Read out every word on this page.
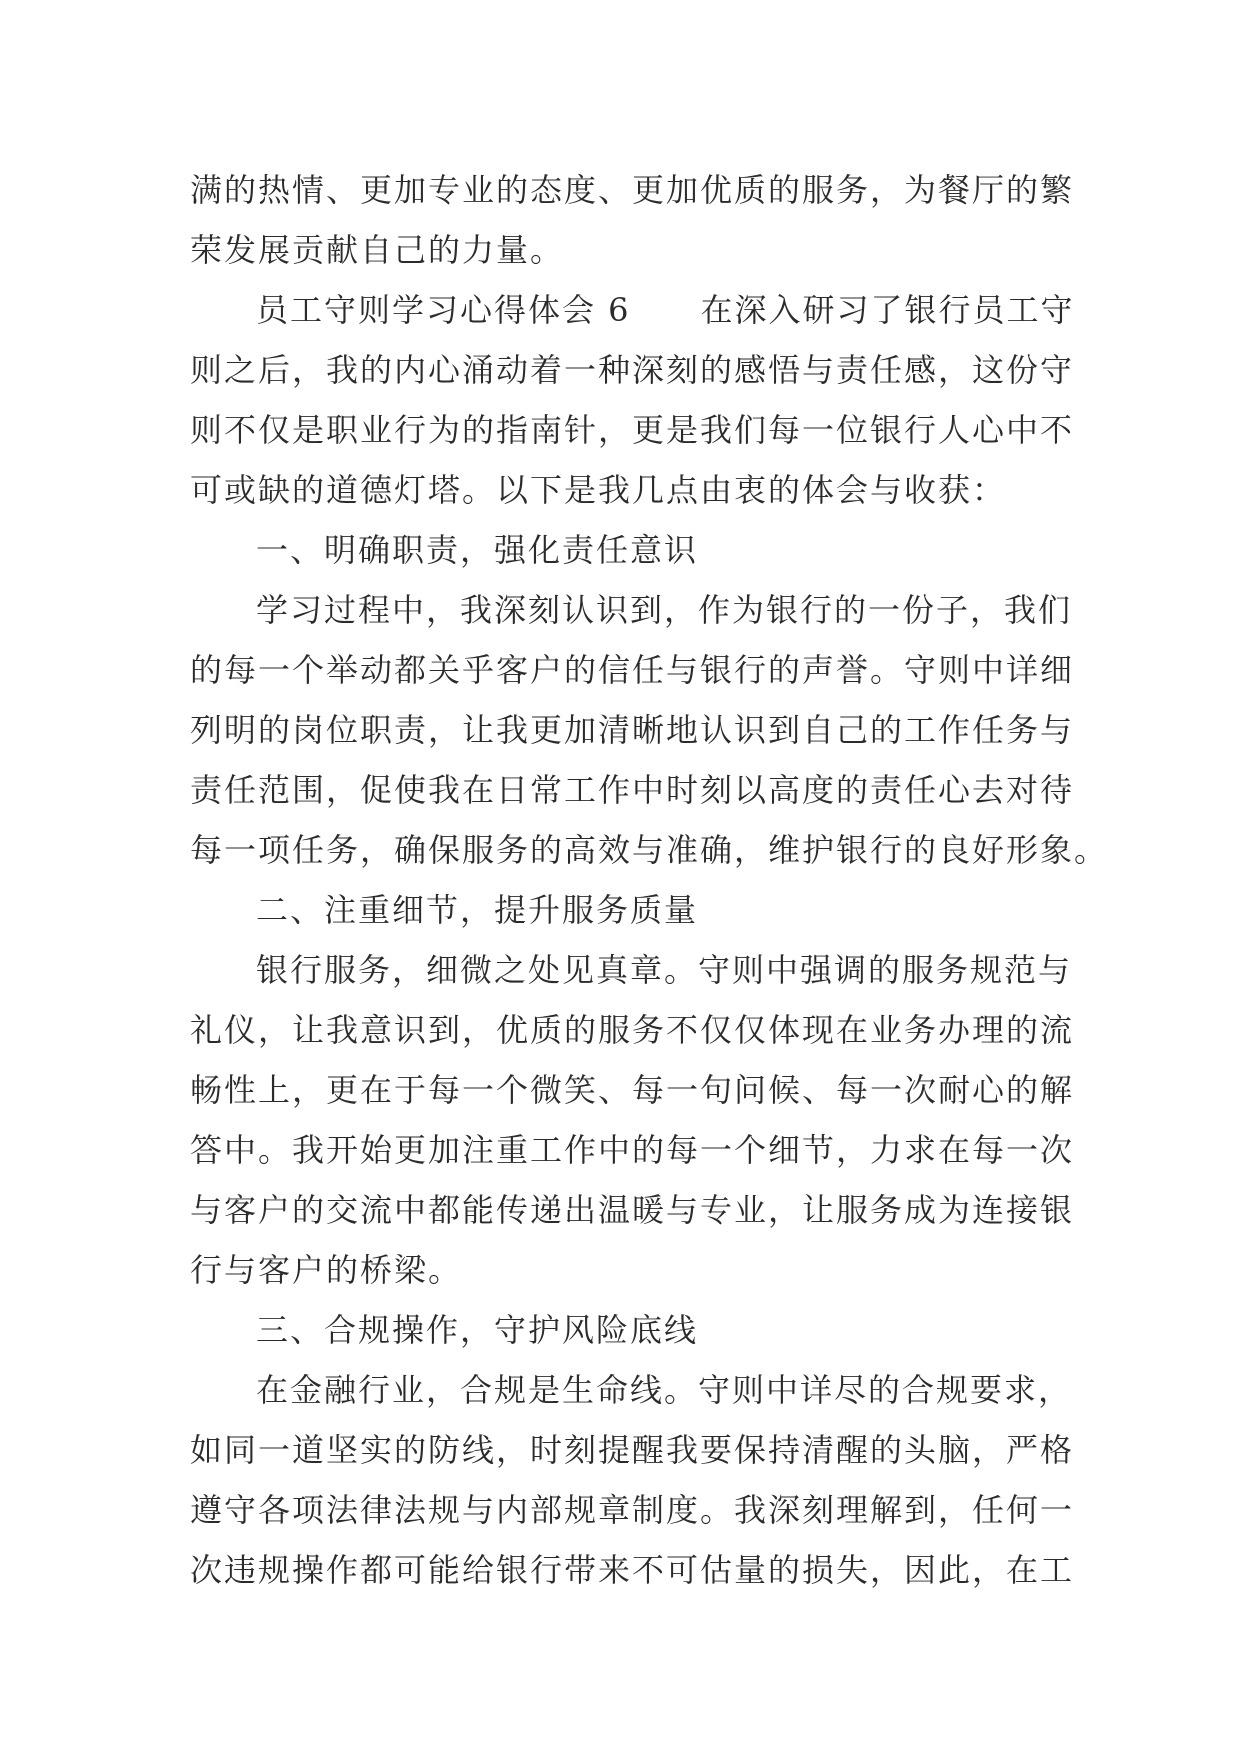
满的热情、更加专业的态度、更加优质的服务，为餐厅的繁
荣发展贡献自己的力量。
员工守则学习心得体会 6 在深入研习了银行员工守
则之后，我的内心涌动着一种深刻的感悟与责任感，这份守
则不仅是职业行为的指南针，更是我们每一位银行人心中不
可或缺的道德灯塔。以下是我几点由衷的体会与收获：
一、明确职责，强化责任意识
学习过程中，我深刻认识到，作为银行的一份子，我们
的每一个举动都关乎客户的信任与银行的声誉。守则中详细
列明的岗位职责，让我更加清晰地认识到自己的工作任务与
责任范围，促使我在日常工作中时刻以高度的责任心去对待
每一项任务，确保服务的高效与准确，维护银行的良好形象。
二、注重细节，提升服务质量
银行服务，细微之处见真章。守则中强调的服务规范与
礼仪，让我意识到，优质的服务不仅仅体现在业务办理的流
畅性上，更在于每一个微笑、每一句问候、每一次耐心的解
答中。我开始更加注重工作中的每一个细节，力求在每一次
与客户的交流中都能传递出温暖与专业，让服务成为连接银
行与客户的桥梁。
三、合规操作，守护风险底线
在金融行业，合规是生命线。守则中详尽的合规要求，
如同一道坚实的防线，时刻提醒我要保持清醒的头脑，严格
遵守各项法律法规与内部规章制度。我深刻理解到，任何一
次违规操作都可能给银行带来不可估量的损失，因此，在工
